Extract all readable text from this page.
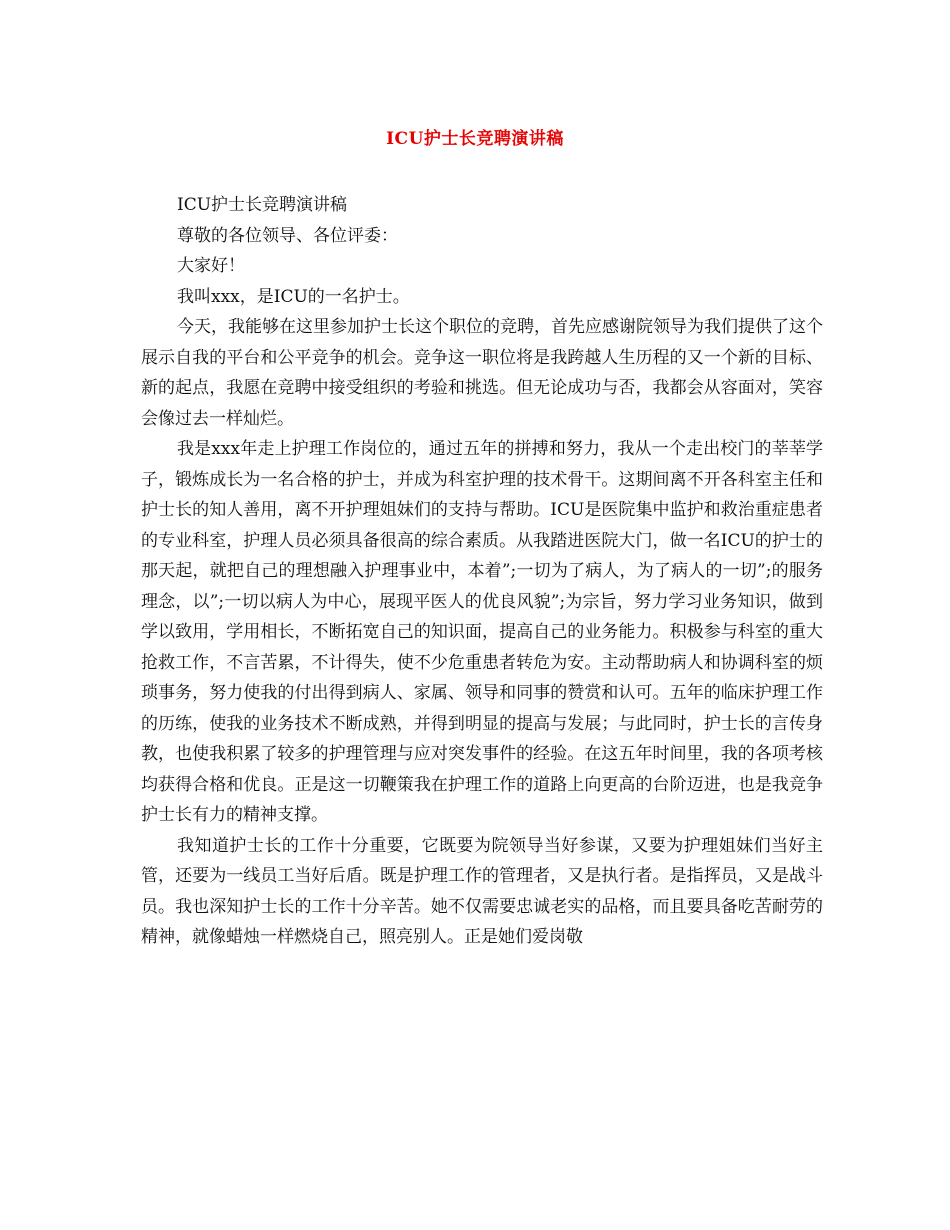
ICU护士长竞聘演讲稿

ICU护士长竞聘演讲稿

尊敬的各位领导、各位评委：

大家好！

我叫xxx，是ICU的一名护士。

今天，我能够在这里参加护士长这个职位的竞聘，首先应感谢院领导为我们提供了这个展示自我的平台和公平竞争的机会。竞争这一职位将是我跨越人生历程的又一个新的目标、新的起点，我愿在竞聘中接受组织的考验和挑选。但无论成功与否，我都会从容面对，笑容会像过去一样灿烂。

我是xxx年走上护理工作岗位的，通过五年的拼搏和努力，我从一个走出校门的莘莘学子，锻炼成长为一名合格的护士，并成为科室护理的技术骨干。这期间离不开各科室主任和护士长的知人善用，离不开护理姐妹们的支持与帮助。ICU是医院集中监护和救治重症患者的专业科室，护理人员必须具备很高的综合素质。从我踏进医院大门，做一名ICU的护士的那天起，就把自己的理想融入护理事业中，本着”;一切为了病人，为了病人的一切”;的服务理念，以”;一切以病人为中心，展现平医人的优良风貌”;为宗旨，努力学习业务知识，做到学以致用，学用相长，不断拓宽自己的知识面，提高自己的业务能力。积极参与科室的重大抢救工作，不言苦累，不计得失，使不少危重患者转危为安。主动帮助病人和协调科室的烦琐事务，努力使我的付出得到病人、家属、领导和同事的赞赏和认可。五年的临床护理工作的历练，使我的业务技术不断成熟，并得到明显的提高与发展；与此同时，护士长的言传身教，也使我积累了较多的护理管理与应对突发事件的经验。在这五年时间里，我的各项考核均获得合格和优良。正是这一切鞭策我在护理工作的道路上向更高的台阶迈进，也是我竞争护士长有力的精神支撑。

我知道护士长的工作十分重要，它既要为院领导当好参谋，又要为护理姐妹们当好主管，还要为一线员工当好后盾。既是护理工作的管理者，又是执行者。是指挥员，又是战斗员。我也深知护士长的工作十分辛苦。她不仅需要忠诚老实的品格，而且要具备吃苦耐劳的精神，就像蜡烛一样燃烧自己，照亮别人。正是她们爱岗敬
